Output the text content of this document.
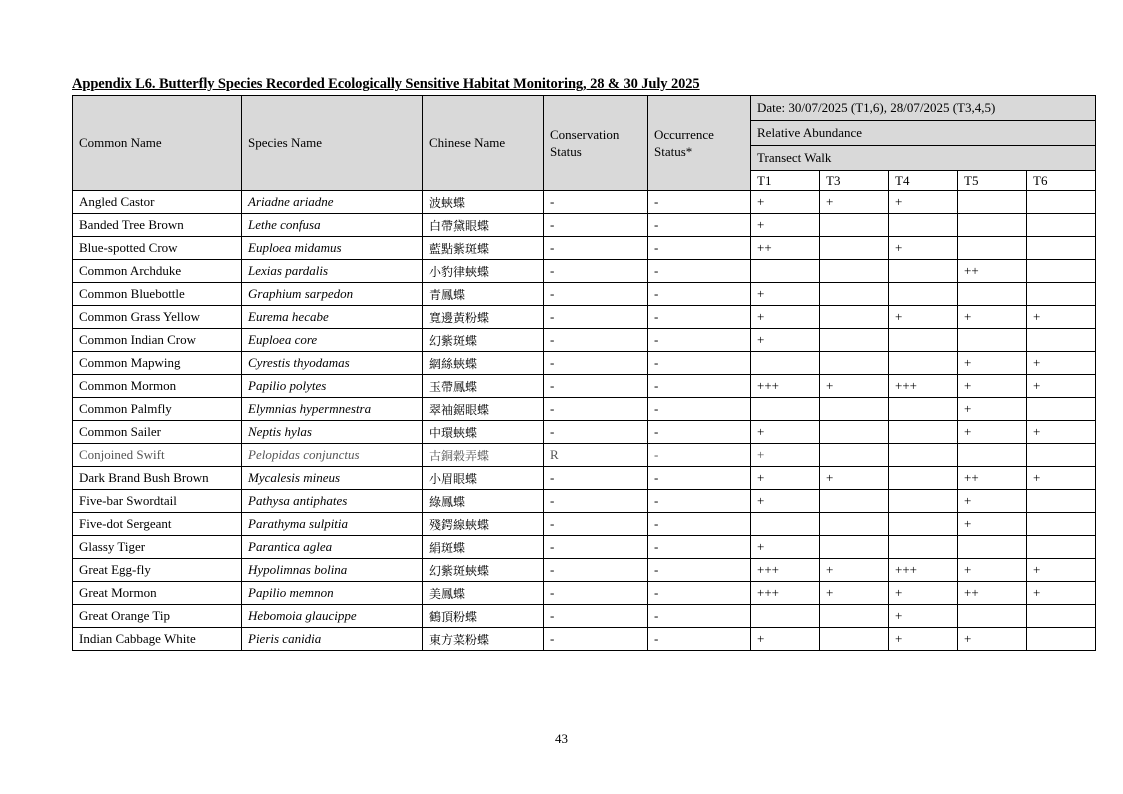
Appendix L6. Butterfly Species Recorded Ecologically Sensitive Habitat Monitoring, 28 & 30 July 2025
Common Name	Species Name	Chinese Name	Conservation Status	Occurrence Status*	Date: 30/07/2025 (T1,6), 28/07/2025 (T3,4,5)				
					Relative Abundance				
					Transect Walk				
					T1	T3	T4	T5	T6
Angled Castor	Ariadne ariadne	波蛺蝶	-	-	+	+	+		
Banded Tree Brown	Lethe confusa	白帶黛眼蝶	-	-	+				
Blue-spotted Crow	Euploea midamus	藍點紫斑蝶	-	-	++		+		
Common Archduke	Lexias pardalis	小豹律蛺蝶	-	-				++	
Common Bluebottle	Graphium sarpedon	青鳳蝶	-	-	+				
Common Grass Yellow	Eurema hecabe	寬邊黃粉蝶	-	-	+		+	+	+
Common Indian Crow	Euploea core	幻紫斑蝶	-	-	+				
Common Mapwing	Cyrestis thyodamas	網絲蛺蝶	-	-				+	+
Common Mormon	Papilio polytes	玉帶鳳蝶	-	-	+++	+	+++	+	+
Common Palmfly	Elymnias hypermnestra	翠袖鋸眼蝶	-	-				+	
Common Sailer	Neptis hylas	中環蛺蝶	-	-	+			+	+
Conjoined Swift	Pelopidas conjunctus	古銅穀弄蝶	R	-	+				
Dark Brand Bush Brown	Mycalesis mineus	小眉眼蝶	-	-	+	+		++	+
Five-bar Swordtail	Pathysa antiphates	綠鳳蝶	-	-	+			+	
Five-dot Sergeant	Parathyma sulpitia	殘鍔線蛺蝶	-	-				+	
Glassy Tiger	Parantica aglea	絹斑蝶	-	-	+				
Great Egg-fly	Hypolimnas bolina	幻紫斑蛺蝶	-	-	+++	+	+++	+	+
Great Mormon	Papilio memnon	美鳳蝶	-	-	+++	+	+	++	+
Great Orange Tip	Hebomoia glaucippe	鶴頂粉蝶	-	-			+		
Indian Cabbage White	Pieris canidia	東方菜粉蝶	-	-	+		+	+	
43
